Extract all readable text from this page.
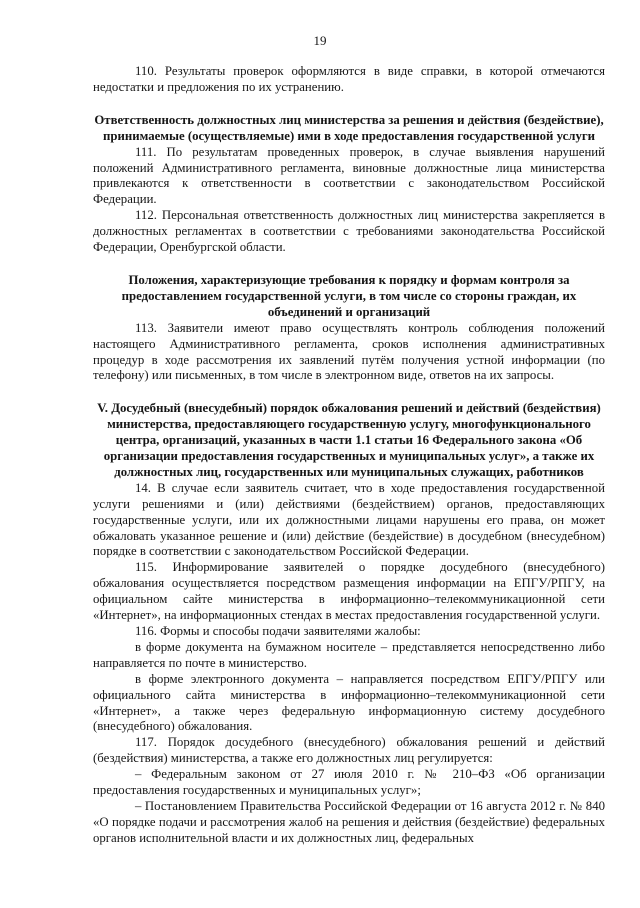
19

110. Результаты проверок оформляются в виде справки, в которой отмечаются недостатки и предложения по их устранению.

Ответственность должностных лиц министерства за решения и действия (бездействие), принимаемые (осуществляемые) ими в ходе предоставления государственной услуги

111. По результатам проведенных проверок, в случае выявления нарушений положений Административного регламента, виновные должностные лица министерства привлекаются к ответственности в соответствии с законодательством Российской Федерации.

112. Персональная ответственность должностных лиц министерства закрепляется в должностных регламентах в соответствии с требованиями законодательства Российской Федерации, Оренбургской области.

Положения, характеризующие требования к порядку и формам контроля за предоставлением государственной услуги, в том числе со стороны граждан, их объединений и организаций

113. Заявители имеют право осуществлять контроль соблюдения положений настоящего Административного регламента, сроков исполнения административных процедур в ходе рассмотрения их заявлений путём получения устной информации (по телефону) или письменных, в том числе в электронном виде, ответов на их запросы.

V. Досудебный (внесудебный) порядок обжалования решений и действий (бездействия) министерства, предоставляющего государственную услугу, многофункционального центра, организаций, указанных в части 1.1 статьи 16 Федерального закона «Об организации предоставления государственных и муниципальных услуг», а также их должностных лиц, государственных или муниципальных служащих, работников

14. В случае если заявитель считает, что в ходе предоставления государственной услуги решениями и (или) действиями (бездействием) органов, предоставляющих государственные услуги, или их должностными лицами нарушены его права, он может обжаловать указанное решение и (или) действие (бездействие) в досудебном (внесудебном) порядке в соответствии с законодательством Российской Федерации.

115. Информирование заявителей о порядке досудебного (внесудебного) обжалования осуществляется посредством размещения информации на ЕПГУ/РПГУ, на официальном сайте министерства в информационно–телекоммуникационной сети «Интернет», на информационных стендах в местах предоставления государственной услуги.

116. Формы и способы подачи заявителями жалобы:

в форме документа на бумажном носителе – представляется непосредственно либо направляется по почте в министерство.

в форме электронного документа – направляется посредством ЕПГУ/РПГУ или официального сайта министерства в информационно–телекоммуникационной сети «Интернет», а также через федеральную информационную систему досудебного (внесудебного) обжалования.

117. Порядок досудебного (внесудебного) обжалования решений и действий (бездействия) министерства, а также его должностных лиц регулируется:

– Федеральным законом от 27 июля 2010 г. № 210–ФЗ «Об организации предоставления государственных и муниципальных услуг»;

– Постановлением Правительства Российской Федерации от 16 августа 2012 г. № 840 «О порядке подачи и рассмотрения жалоб на решения и действия (бездействие) федеральных органов исполнительной власти и их должностных лиц, федеральных
